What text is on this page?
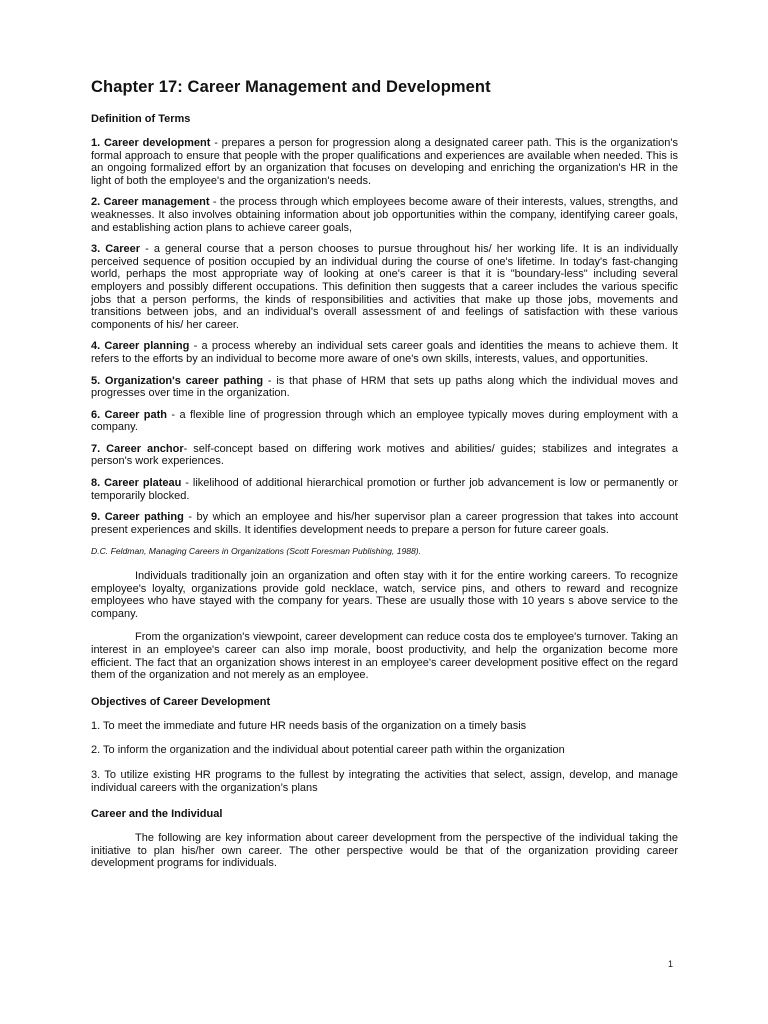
Chapter 17: Career Management and Development
Definition of Terms

1. Career development - prepares a person for progression along a designated career path. This is the organization's formal approach to ensure that people with the proper qualifications and experiences are available when needed. This is an ongoing formalized effort by an organization that focuses on developing and enriching the organization's HR in the light of both the employee's and the organization's needs.

2. Career management - the process through which employees become aware of their interests, values, strengths, and weaknesses. It also involves obtaining information about job opportunities within the company, identifying career goals, and establishing action plans to achieve career goals,

3. Career - a general course that a person chooses to pursue throughout his/ her working life. It is an individually perceived sequence of position occupied by an individual during the course of one's lifetime. In today's fast-changing world, perhaps the most appropriate way of looking at one's career is that it is "boundary-less" including several employers and possibly different occupations. This definition then suggests that a career includes the various specific jobs that a person performs, the kinds of responsibilities and activities that make up those jobs, movements and transitions between jobs, and an individual's overall assessment of and feelings of satisfaction with these various components of his/ her career.

4. Career planning - a process whereby an individual sets career goals and identities the means to achieve them. It refers to the efforts by an individual to become more aware of one's own skills, interests, values, and opportunities.

5. Organization's career pathing - is that phase of HRM that sets up paths along which the individual moves and progresses over time in the organization.

6. Career path - a flexible line of progression through which an employee typically moves during employment with a company.

7. Career anchor- self-concept based on differing work motives and abilities/ guides; stabilizes and integrates a person's work experiences.

8. Career plateau - likelihood of additional hierarchical promotion or further job advancement is low or permanently or temporarily blocked.

9. Career pathing - by which an employee and his/her supervisor plan a career progression that takes into account present experiences and skills. It identifies development needs to prepare a person for future career goals.

D.C. Feldman, Managing Careers in Organizations (Scott Foresman Publishing, 1988).

Individuals traditionally join an organization and often stay with it for the entire working careers. To recognize employee's loyalty, organizations provide gold necklace, watch, service pins, and others to reward and recognize employees who have stayed with the company for years. These are usually those with 10 years s above service to the company.

From the organization's viewpoint, career development can reduce costa dos te employee's turnover. Taking an interest in an employee's career can also imp morale, boost productivity, and help the organization become more efficient. The fact that an organization shows interest in an employee's career development positive effect on the regard them of the organization and not merely as an employee.

Objectives of Career Development

1. To meet the immediate and future HR needs basis of the organization on a timely basis

2. To inform the organization and the individual about potential career path within the organization

3. To utilize existing HR programs to the fullest by integrating the activities that select, assign, develop, and manage individual careers with the organization’s plans

Career and the Individual

The following are key information about career development from the perspective of the individual taking the initiative to plan his/her own career. The other perspective would be that of the organization providing career development programs for individuals.

1
